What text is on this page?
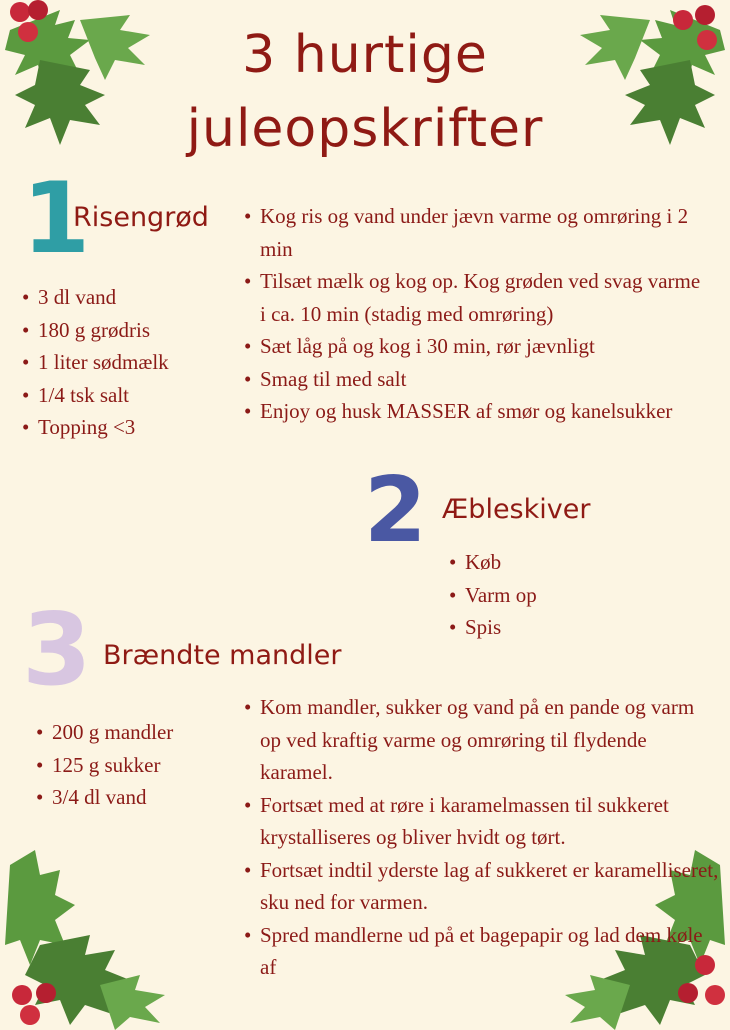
3 hurtige
juleopskrifter
1
Risengrød
• 3 dl vand
• 180 g grødris
• 1 liter sødmælk
• 1/4 tsk salt
• Topping <3
• Kog ris og vand under jævn varme og omrøring i 2 min
• Tilsæt mælk og kog op. Kog grøden ved svag varme i ca. 10 min (stadig med omrøring)
• Sæt låg på og kog i 30 min, rør jævnligt
• Smag til med salt
• Enjoy og husk MASSER af smør og kanelsukker
2 Æbleskiver
• Køb
• Varm op
• Spis
3 Brændte mandler
• 200 g mandler
• 125 g sukker
• 3/4 dl vand
• Kom mandler, sukker og vand på en pande og varm op ved kraftig varme og omrøring til flydende karamel.
• Fortsæt med at røre i karamelmassen til sukkeret krystalliseres og bliver hvidt og tørt.
• Fortsæt indtil yderste lag af sukkeret er karamelliseret, sku ned for varmen.
• Spred mandlerne ud på et bagepapir og lad dem køle af
